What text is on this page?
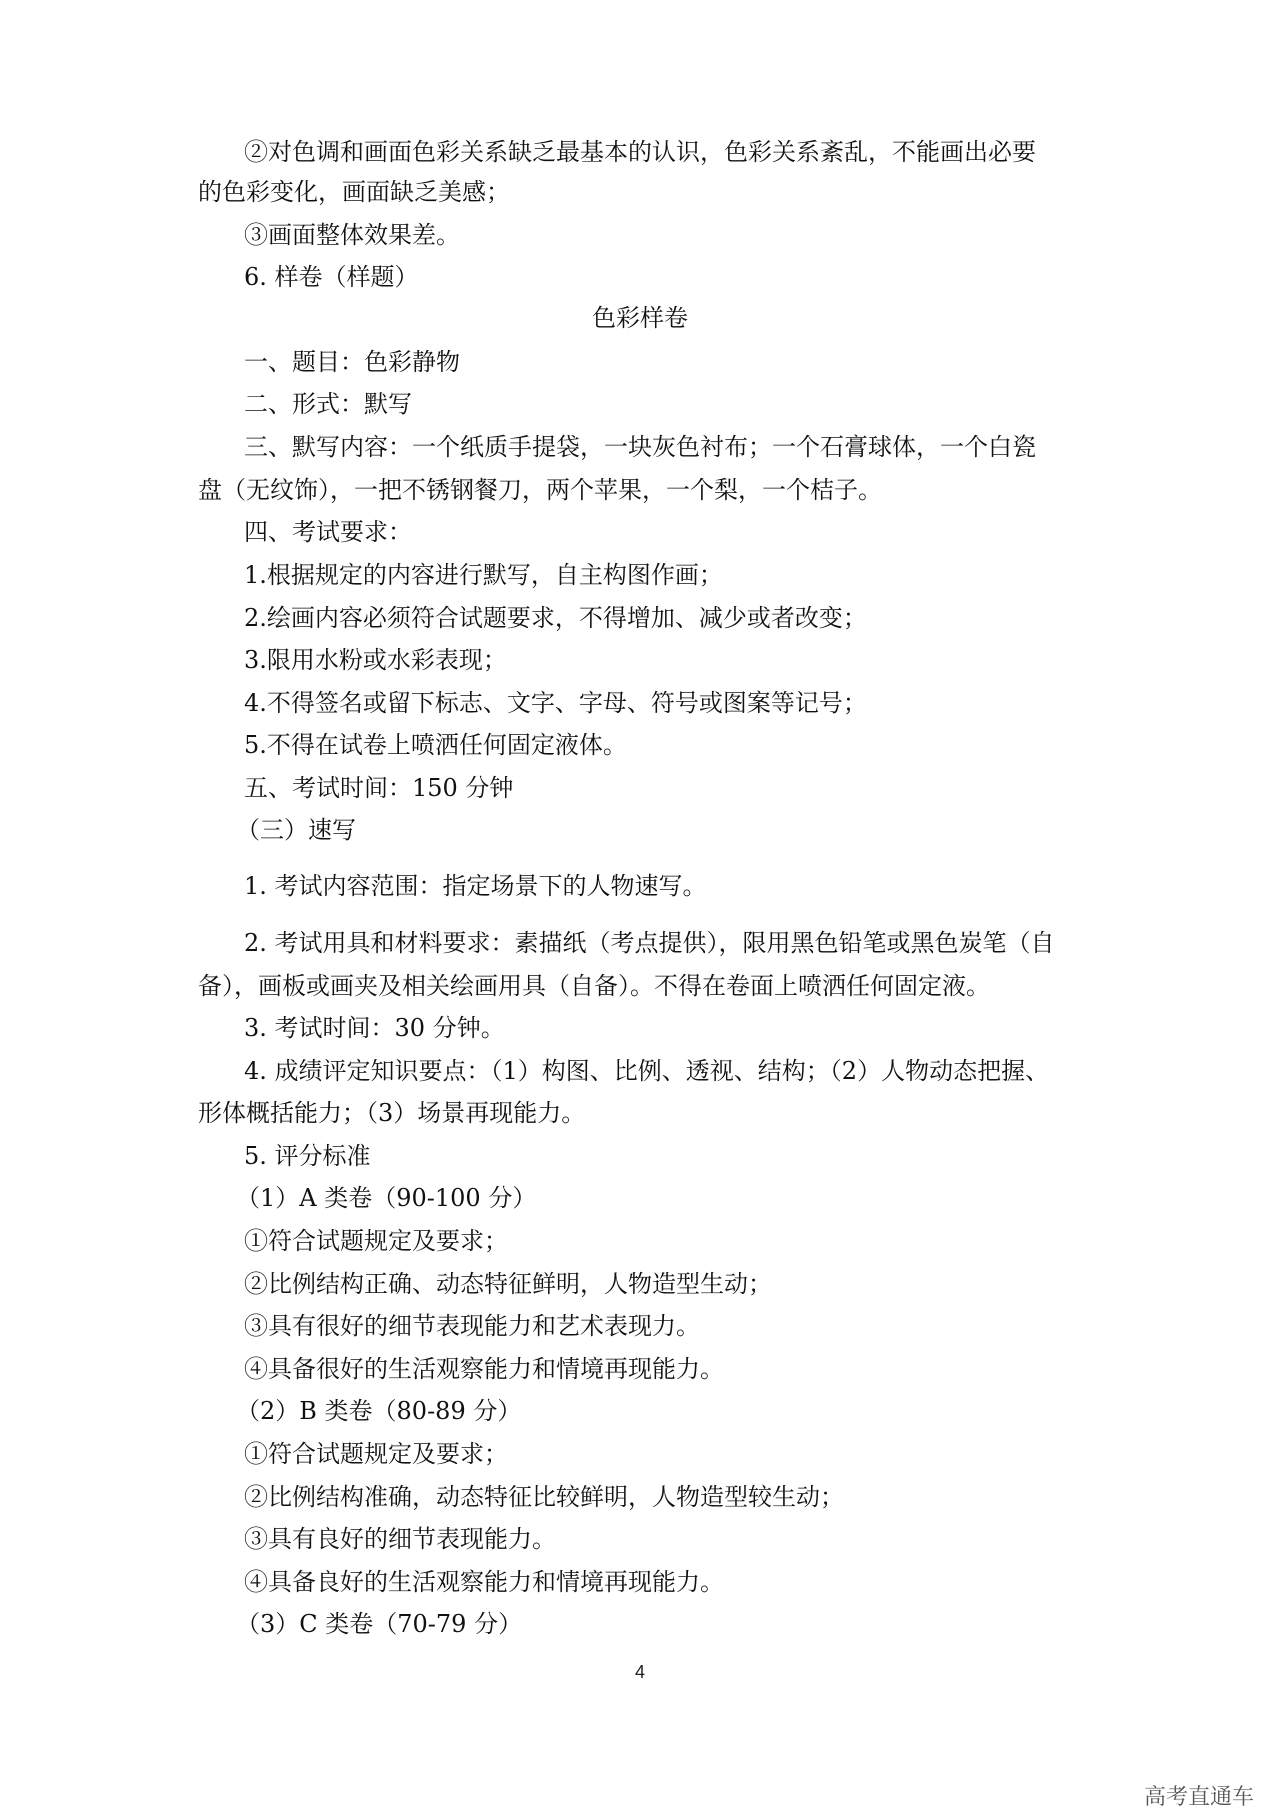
②对色调和画面色彩关系缺乏最基本的认识，色彩关系紊乱，不能画出必要
的色彩变化，画面缺乏美感；
③画面整体效果差。
6. 样卷（样题）
色彩样卷
一、题目：色彩静物
二、形式：默写
三、默写内容：一个纸质手提袋，一块灰色衬布；一个石膏球体，一个白瓷
盘（无纹饰），一把不锈钢餐刀，两个苹果，一个梨，一个桔子。
四、考试要求：
1.根据规定的内容进行默写，自主构图作画；
2.绘画内容必须符合试题要求，不得增加、减少或者改变；
3.限用水粉或水彩表现；
4.不得签名或留下标志、文字、字母、符号或图案等记号；
5.不得在试卷上喷洒任何固定液体。
五、考试时间：150 分钟
（三）速写
1. 考试内容范围：指定场景下的人物速写。
2. 考试用具和材料要求：素描纸（考点提供），限用黑色铅笔或黑色炭笔（自
备），画板或画夹及相关绘画用具（自备）。不得在卷面上喷洒任何固定液。
3. 考试时间：30 分钟。
4. 成绩评定知识要点：（1）构图、比例、透视、结构；（2）人物动态把握、
形体概括能力；（3）场景再现能力。
5. 评分标准
（1）A 类卷（90-100 分）
①符合试题规定及要求；
②比例结构正确、动态特征鲜明，人物造型生动；
③具有很好的细节表现能力和艺术表现力。
④具备很好的生活观察能力和情境再现能力。
（2）B 类卷（80-89 分）
①符合试题规定及要求；
②比例结构准确，动态特征比较鲜明，人物造型较生动；
③具有良好的细节表现能力。
④具备良好的生活观察能力和情境再现能力。
（3）C 类卷（70-79 分）
4
高考直通车
